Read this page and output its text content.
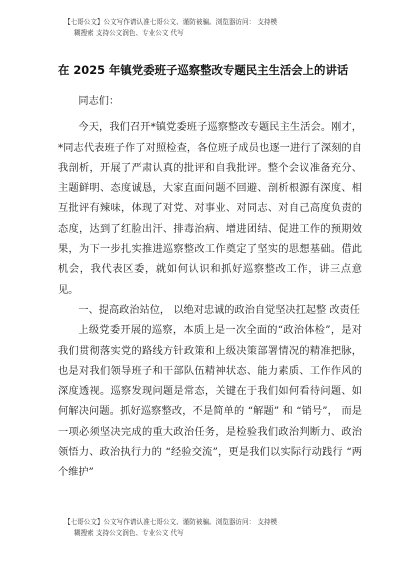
【七哥公文】公文写作请认准七哥公文、谨防被骗。浏览器访问： 支持模
糊搜索 支持公文润色、专业公文 代写
在 2025 年镇党委班子巡察整改专题民主生活会上的讲话

同志们：

今天，我们召开*镇党委班子巡察整改专题民主生活会。刚才，*同志代表班子作了对照检查，各位班子成员也逐一进行了深刻的自我剖析，开展了严肃认真的批评和自我批评。整个会议准备充分、主题鲜明、态度诚恳，大家直面问题不回避、剖析根源有深度、相互批评有辣味，体现了对党、对事业、对同志、对自己高度负责的态度，达到了红脸出汗、排毒治病、增进团结、促进工作的预期效果，为下一步扎实推进巡察整改工作奠定了坚实的思想基础。借此机会，我代表区委，就如何认识和抓好巡察整改工作，讲三点意见。

一、提高政治站位， 以绝对忠诚的政治自觉坚决扛起整 改责任

上级党委开展的巡察，本质上是一次全面的“政治体检”，是对我们贯彻落实党的路线方针政策和上级决策部署情况的精准把脉，也是对我们领导班子和干部队伍精神状态、能力素质、工作作风的深度透视。巡察发现问题是常态，关键在于我们如何看待问题、如何解决问题。抓好巡察整改，不是简单的 “解题” 和 “销号”， 而是一项必须坚决完成的重大政治任务，是检验我们政治判断力、政治领悟力、政治执行力的 “经验交流”，更是我们以实际行动践行 “两个维护”

【七哥公文】公文写作请认准七哥公文、谨防被骗。浏览器访问： 支持模
糊搜索 支持公文润色、专业公文 代写
